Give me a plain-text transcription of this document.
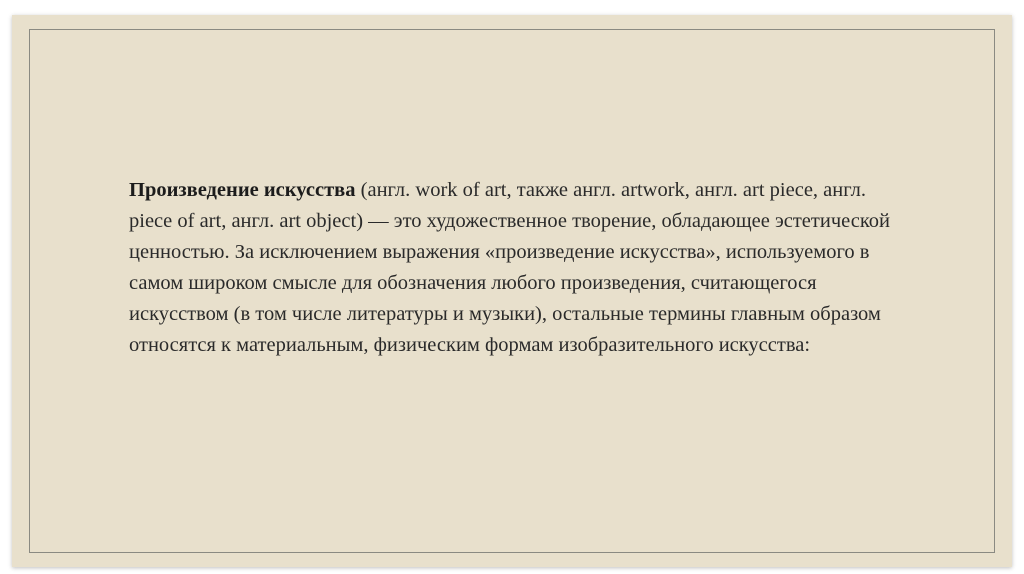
Произведение искусства (англ. work of art, также англ. artwork, англ. art piece, англ. piece of art, англ. art object) — это художественное творение, обладающее эстетической ценностью. За исключением выражения «произведение искусства», используемого в самом широком смысле для обозначения любого произведения, считающегося искусством (в том числе литературы и музыки), остальные термины главным образом относятся к материальным, физическим формам изобразительного искусства:
